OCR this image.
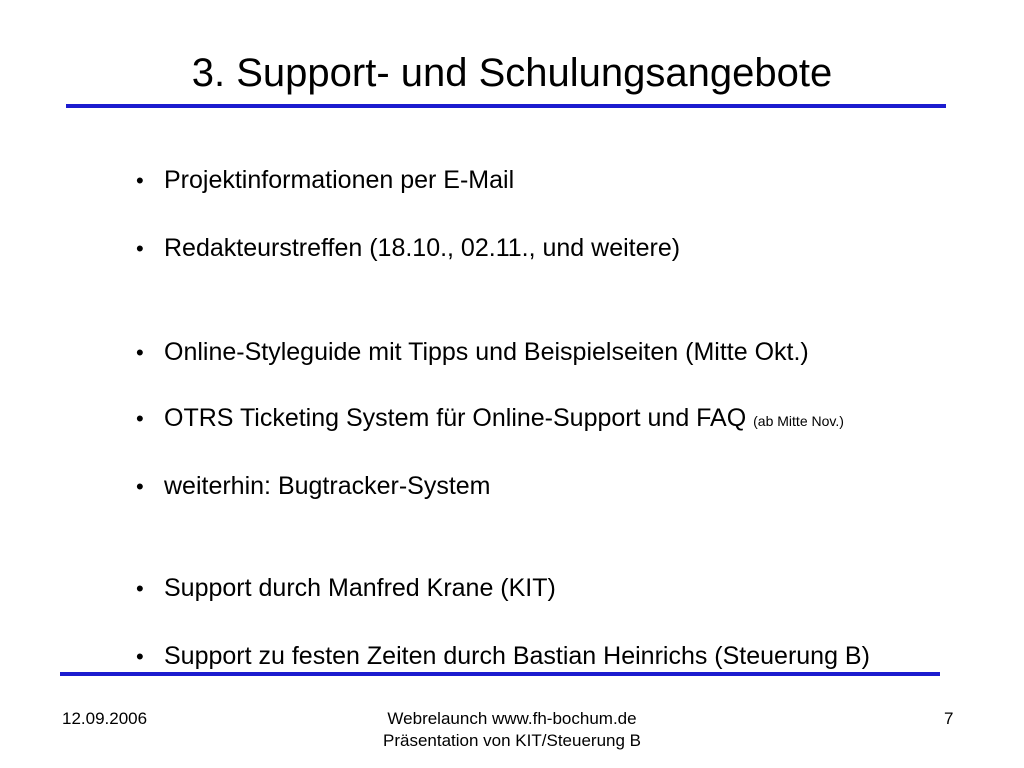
3. Support- und Schulungsangebote
• Projektinformationen per E-Mail
• Redakteurstreffen (18.10., 02.11., und weitere)
• Online-Styleguide mit Tipps und Beispielseiten (Mitte Okt.)
• OTRS Ticketing System für Online-Support und FAQ (ab Mitte Nov.)
• weiterhin: Bugtracker-System
• Support durch Manfred Krane (KIT)
• Support zu festen Zeiten durch Bastian Heinrichs (Steuerung B)
12.09.2006	Webrelaunch www.fh-bochum.de
Präsentation von KIT/Steuerung B
7
